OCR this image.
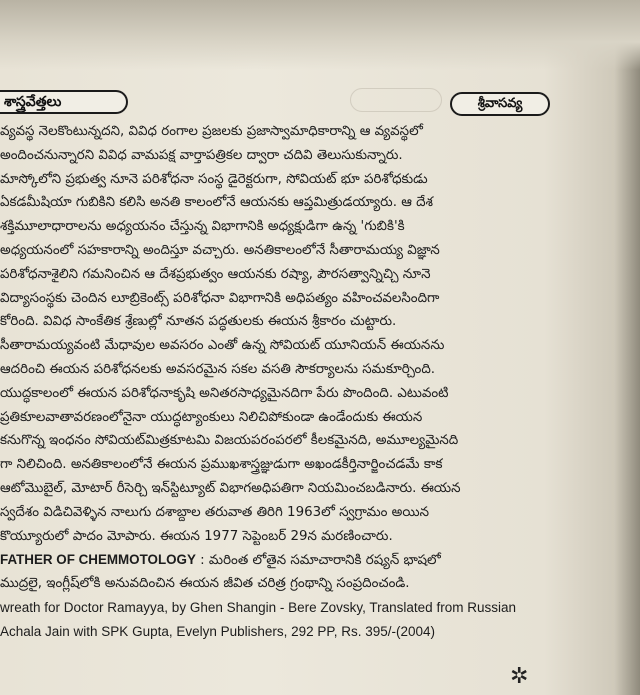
శాస్త్రవేత్తలు	శ్రీవాసవ్య
వ్యవస్థ నెలకొంటున్నదని, వివిధ రంగాల ప్రజలకు ప్రజాస్వామాధికారాన్ని ఆ వ్యవస్థలో
అందించనున్నారని వివిధ వామపక్ష వార్తాపత్రికల ద్వారా చదివి తెలుసుకున్నారు.
మాస్కోలోని ప్రభుత్వ నూనె పరిశోధనా సంస్థ డైరెక్టరుగా, సోవియట్ భూ పరిశోధకుడు
ఏకడమీషియా గుబికిని కలిసి అనతి కాలంలోనే ఆయనకు ఆప్తమిత్రుడయ్యారు. ఆ దేశ
శక్తిమూలాధారాలను అధ్యయనం చేస్తున్న విభాగానికి అధ్యక్షుడిగా ఉన్న 'గుబికి'కి
అధ్యయనంలో సహకారాన్ని అందిస్తూ వచ్చారు. అనతికాలంలోనే సీతారామయ్య విజ్ఞాన
పరిశోధనాశైలిని గమనించిన ఆ దేశప్రభుత్వం ఆయనకు రష్యా, పౌరసత్వాన్నిచ్చి నూనె
విద్యాసంస్థకు చెందిన లూబ్రికెంట్స్ పరిశోధనా విభాగానికి అధిపత్యం వహించవలసిందిగా
కోరింది. వివిధ సాంకేతిక శ్రేణుల్లో నూతన పద్ధతులకు ఈయన శ్రీకారం చుట్టారు.
సీతారామయ్యవంటి మేధావుల అవసరం ఎంతో ఉన్న సోవియట్ యూనియన్ ఈయనను
ఆదరించి ఈయన పరిశోధనలకు అవసరమైన సకల వసతి సౌకర్యాలను సమకూర్చింది.
యుద్ధకాలంలో ఈయన పరిశోధనాకృషి అనితరసాధ్యమైనదిగా పేరు పొందింది. ఎటువంటి
ప్రతికూలవాతావరణంలోనైనా యుద్ధట్యాంకులు నిలిచిపోకుండా ఉండేందుకు ఈయన
కనుగొన్న ఇంధనం సోవియట్‌మిత్రకూటమి విజయపరంపరలో కీలకమైనది, అమూల్యమైనది
గా నిలిచింది. అనతికాలంలోనే ఈయన ప్రముఖశాస్త్రజ్ఞుడుగా అఖండకీర్తినార్జించడమే కాక
ఆటోమొబైల్, మోటార్ రీసెర్చి ఇన్‌స్టిట్యూట్ విభాగఅధిపతిగా నియమించబడినారు. ఈయన
స్వదేశం విడిచివెళ్ళిన నాలుగు దశాబ్దాల తరువాత తిరిగి 1963లో స్వగ్రామం అయిన
కొయ్యూరులో పాదం మోపారు. ఈయన 1977 సెప్టెంబర్ 29న మరణించారు.
FATHER OF CHEMMOTOLOGY : మరింత లోతైన సమాచారానికి రష్యన్ భాషలో
ముద్రలై, ఇంగ్లీష్‌లోకి అనువదించిన ఈయన జీవిత చరిత్ర గ్రంథాన్ని సంప్రదించండి.
wreath for Doctor Ramayya, by Ghen Shangin - Bere Zovsky, Translated from Russian
Achala Jain with SPK Gupta, Evelyn Publishers, 292 PP, Rs. 395/-(2004)
✲
